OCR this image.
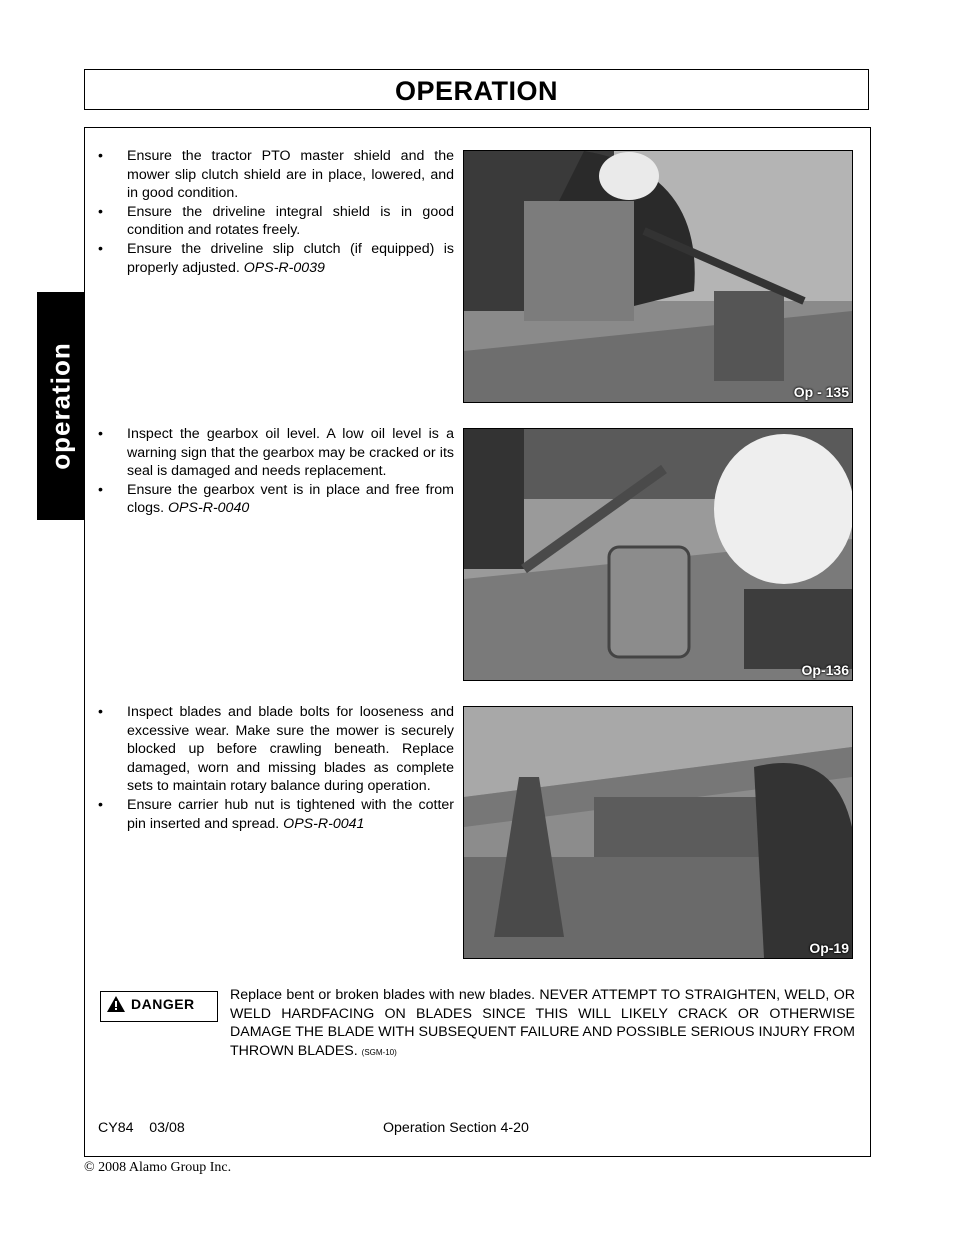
OPERATION
operation
• Ensure the tractor PTO master shield and the mower slip clutch shield are in place, lowered, and in good condition.
• Ensure the driveline integral shield is in good condition and rotates freely.
• Ensure the driveline slip clutch (if equipped) is properly adjusted. OPS-R-0039
Op - 135
• Inspect the gearbox oil level. A low oil level is a warning sign that the gearbox may be cracked or its seal is damaged and needs replacement.
• Ensure the gearbox vent is in place and free from clogs. OPS-R-0040
Op-136
• Inspect blades and blade bolts for looseness and excessive wear. Make sure the mower is securely blocked up before crawling beneath. Replace damaged, worn and missing blades as complete sets to maintain rotary balance during operation.
• Ensure carrier hub nut is tightened with the cotter pin inserted and spread. OPS-R-0041
Op-19
DANGER
Replace bent or broken blades with new blades. NEVER ATTEMPT TO STRAIGHTEN, WELD, OR WELD HARDFACING ON BLADES SINCE THIS WILL LIKELY CRACK OR OTHERWISE DAMAGE THE BLADE WITH SUBSEQUENT FAILURE AND POSSIBLE SERIOUS INJURY FROM THROWN BLADES. (SGM-10)
CY84    03/08	Operation Section 4-20
© 2008 Alamo Group Inc.
